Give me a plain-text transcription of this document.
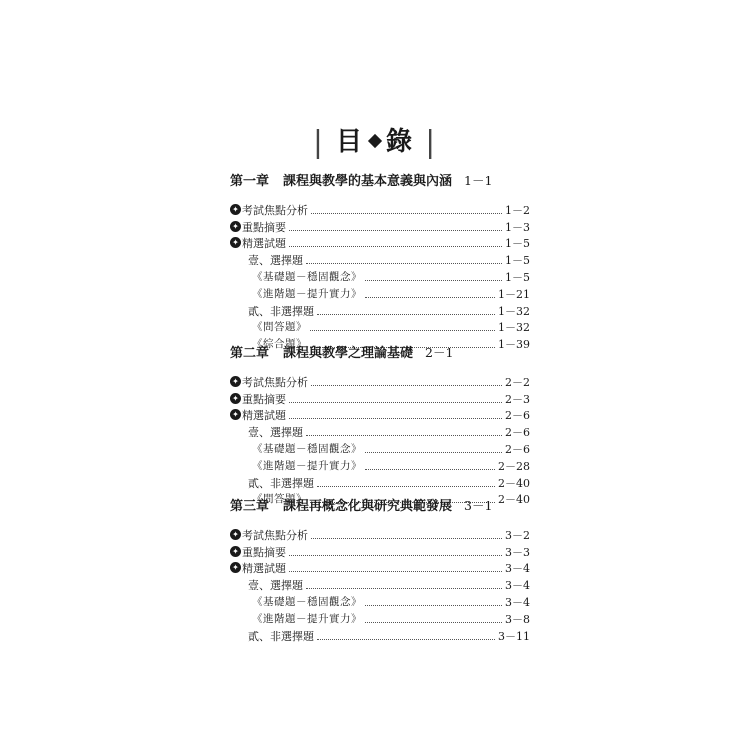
| 目 錄 |
第一章 課程與教學的基本意義與內涵 1－1
✦ 考試焦點分析	1－2
✦ 重點摘要	1－3
✦ 精選試題	1－5
壹、選擇題	1－5
《基礎題－穩固觀念》	1－5
《進階題－提升實力》	1－21
貳、非選擇題	1－32
《問答題》	1－32
《綜合題》	1－39
第二章 課程與教學之理論基礎 2－1
✦ 考試焦點分析	2－2
✦ 重點摘要	2－3
✦ 精選試題	2－6
壹、選擇題	2－6
《基礎題－穩固觀念》	2－6
《進階題－提升實力》	2－28
貳、非選擇題	2－40
《問答題》	2－40
第三章 課程再概念化與研究典範發展 3－1
✦ 考試焦點分析	3－2
✦ 重點摘要	3－3
✦ 精選試題	3－4
壹、選擇題	3－4
《基礎題－穩固觀念》	3－4
《進階題－提升實力》	3－8
貳、非選擇題	3－11
